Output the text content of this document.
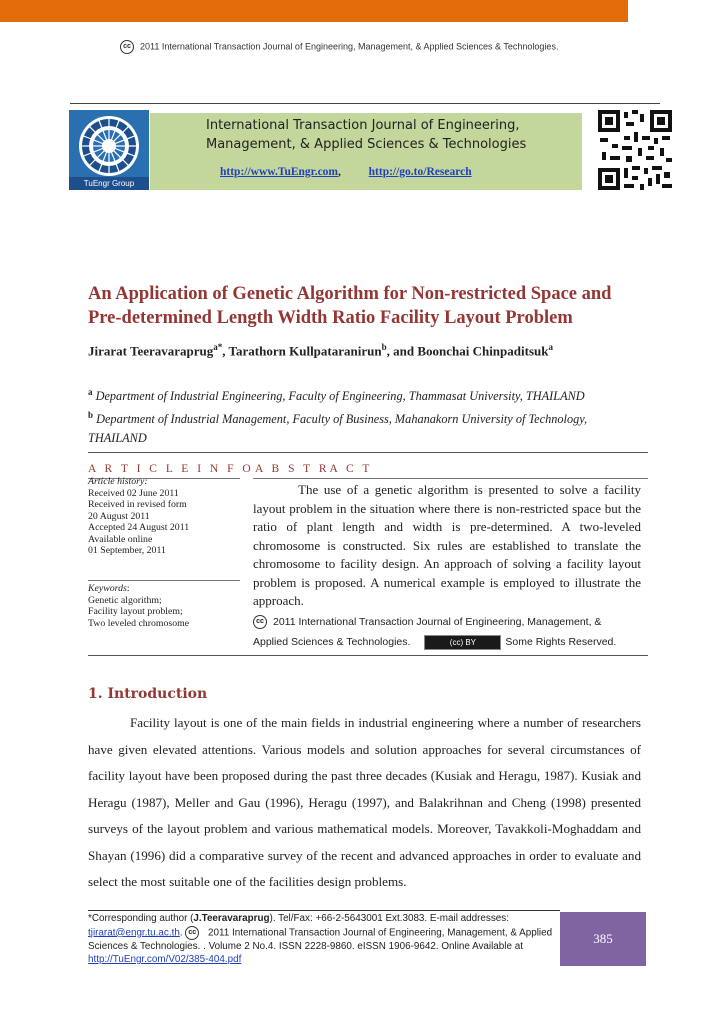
cc 2011 International Transaction Journal of Engineering, Management, & Applied Sciences & Technologies.
TuEngr Group
International Transaction Journal of Engineering,
Management, & Applied Sciences & Technologies
http://www.TuEngr.com, http://go.to/Research
An Application of Genetic Algorithm for Non-restricted Space and
Pre-determined Length Width Ratio Facility Layout Problem
Jirarat Teeravaraprug$^{a*}$, Tarathorn Kullpataranirun$^b$, and Boonchai Chinpaditsuk$^a$
$^a$ Department of Industrial Engineering, Faculty of Engineering, Thammasat University, THAILAND
$^b$ Department of Industrial Management, Faculty of Business, Mahanakorn University of Technology,
THAILAND
A R T I C L E I N F O A B S T RA C T
Article history:
Received 02 June 2011
Received in revised form
20 August 2011
Accepted 24 August 2011
Available online
01 September, 2011
Keywords:
Genetic algorithm;
Facility layout problem;
Two leveled chromosome
The use of a genetic algorithm is presented to solve a facility layout problem in the situation where there is non-restricted space but the ratio of plant length and width is pre-determined. A two-leveled chromosome is constructed. Six rules are established to translate the chromosome to facility design. An approach of solving a facility layout problem is proposed. A numerical example is employed to illustrate the approach.
cc 2011 International Transaction Journal of Engineering, Management, &
Applied Sciences & Technologies.	(cc) BY	Some Rights Reserved.
1. Introduction
Facility layout is one of the main fields in industrial engineering where a number of researchers have given elevated attentions. Various models and solution approaches for several circumstances of facility layout have been proposed during the past three decades (Kusiak and Heragu, 1987). Kusiak and Heragu (1987), Meller and Gau (1996), Heragu (1997), and Balakrihnan and Cheng (1998) presented surveys of the layout problem and various mathematical models. Moreover, Tavakkoli-Moghaddam and Shayan (1996) did a comparative survey of the recent and advanced approaches in order to evaluate and select the most suitable one of the facilities design problems.
*Corresponding author (J.Teeravaraprug). Tel/Fax: +66-2-5643001 Ext.3083. E-mail addresses: tjirarat@engr.tu.ac.th. cc 2011 International Transaction Journal of Engineering, Management, & Applied Sciences & Technologies. . Volume 2 No.4. ISSN 2228-9860. eISSN 1906-9642. Online Available at http://TuEngr.com/V02/385-404.pdf
385
